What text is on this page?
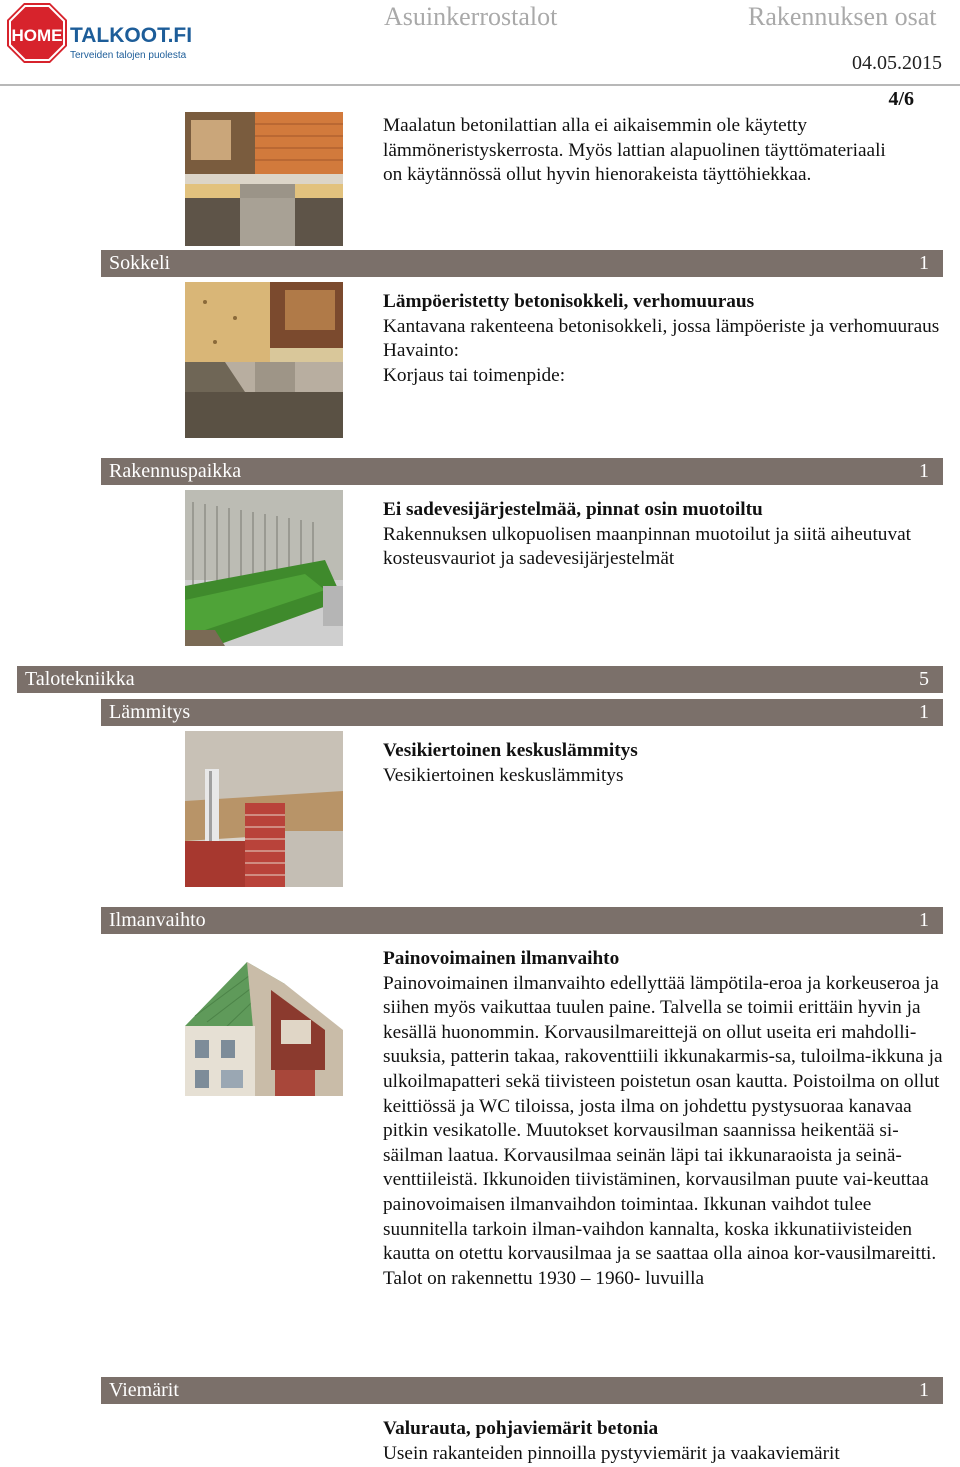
HOME TALKOOT.FI
Terveiden talojen puolesta
Asuinkerrostalot	Rakennuksen osat
04.05.2015
4/6

Maalatun betonilattian alla ei aikaisemmin ole käytetty lämmöneristyskerrosta. Myös lattian alapuolinen täyttömateriaali on käytännössä ollut hyvin hienorakeista täyttöhiekkaa.

Sokkeli	1

Lämpöeristetty betonisokkeli, verhomuuraus

Kantavana rakenteena betonisokkeli, jossa lämpöeriste ja verhomuuraus

Havainto:

Korjaus tai toimenpide:

Rakennuspaikka	1

Ei sadevesijärjestelmää, pinnat osin muotoiltu

Rakennuksen ulkopuolisen maanpinnan muotoilut ja siitä aiheutuvat kosteusvauriot ja sadevesijärjestelmät

Talotekniikka	5
Lämmitys	1

Vesikiertoinen keskuslämmitys

Vesikiertoinen keskuslämmitys

Ilmanvaihto	1

Painovoimainen ilmanvaihto

Painovoimainen ilmanvaihto edellyttää lämpötila-eroa ja korkeuseroa ja siihen myös vaikuttaa tuulen paine. Talvella se toimii erittäin hyvin ja kesällä huonommin. Korvausilmareittejä on ollut useita eri mahdolli-suuksia, patterin takaa, rakoventtiili ikkunakarmis-sa, tuloilma-ikkuna ja ulkoilmapatteri sekä tiivisteen poistetun osan kautta. Poistoilma on ollut keittiössä ja WC tiloissa, josta ilma on johdettu pystysuoraa kanavaa pitkin vesikatolle. Muutokset korvausilman saannissa heikentää si-säilman laatua. Korvausilmaa seinän läpi tai ikkunaraoista ja seinä-venttiileistä. Ikkunoiden tiivistäminen, korvausilman puute vai-keuttaa painovoimaisen ilmanvaihdon toimintaa. Ikkunan vaihdot tulee suunnitella tarkoin ilman-vaihdon kannalta, koska ikkunatiivisteiden kautta on otettu korvausilmaa ja se saattaa olla ainoa kor-vausilmareitti. Talot on rakennettu 1930 – 1960- luvuilla

Viemärit	1

Valurauta, pohjaviemärit betonia

Usein rakanteiden pinnoilla pystyviemärit ja vaakaviemärit
